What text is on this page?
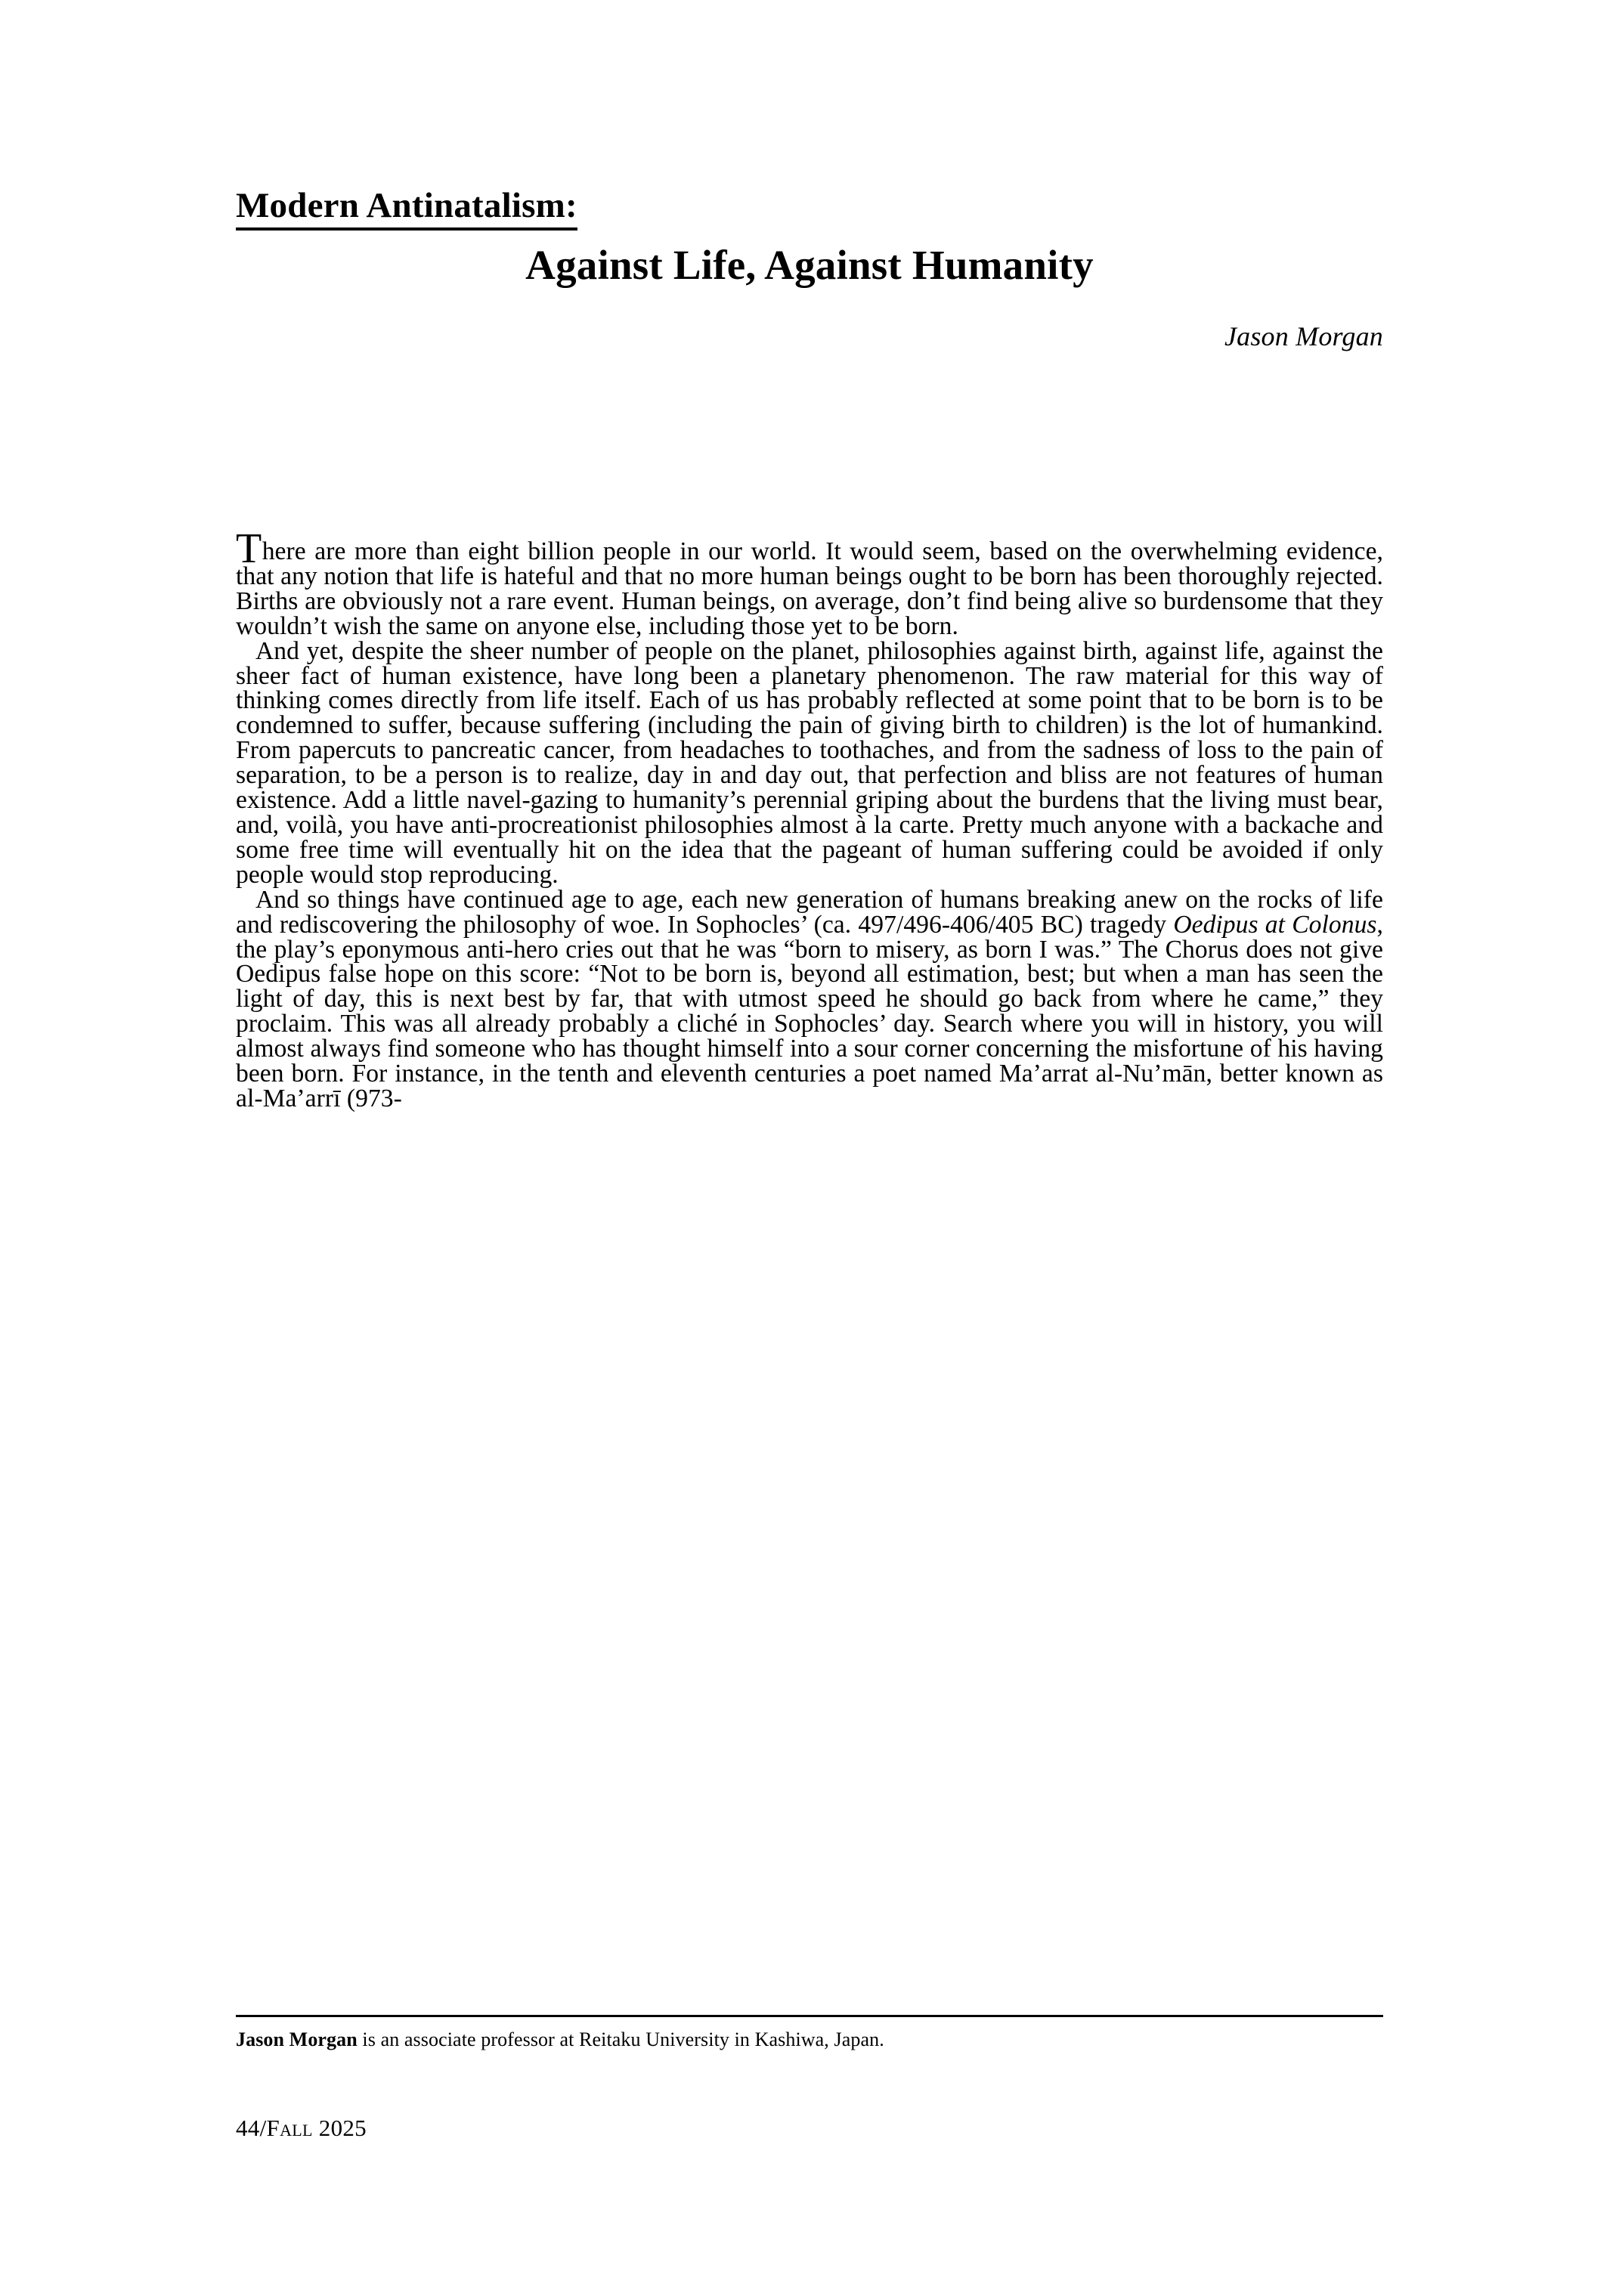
Modern Antinatalism:
Against Life, Against Humanity
Jason Morgan

There are more than eight billion people in our world. It would seem, based on the overwhelming evidence, that any notion that life is hateful and that no more human beings ought to be born has been thoroughly rejected. Births are obviously not a rare event. Human beings, on average, don’t find being alive so burdensome that they wouldn’t wish the same on anyone else, including those yet to be born.

And yet, despite the sheer number of people on the planet, philosophies against birth, against life, against the sheer fact of human existence, have long been a planetary phenomenon. The raw material for this way of thinking comes directly from life itself. Each of us has probably reflected at some point that to be born is to be condemned to suffer, because suffering (including the pain of giving birth to children) is the lot of humankind. From papercuts to pancreatic cancer, from headaches to toothaches, and from the sadness of loss to the pain of separation, to be a person is to realize, day in and day out, that perfection and bliss are not features of human existence. Add a little navel-gazing to humanity’s perennial griping about the burdens that the living must bear, and, voilà, you have anti-procreationist philosophies almost à la carte. Pretty much anyone with a backache and some free time will eventually hit on the idea that the pageant of human suffering could be avoided if only people would stop reproducing.

And so things have continued age to age, each new generation of humans breaking anew on the rocks of life and rediscovering the philosophy of woe. In Sophocles’ (ca. 497/496-406/405 BC) tragedy Oedipus at Colonus, the play’s eponymous anti-hero cries out that he was “born to misery, as born I was.” The Chorus does not give Oedipus false hope on this score: “Not to be born is, beyond all estimation, best; but when a man has seen the light of day, this is next best by far, that with utmost speed he should go back from where he came,” they proclaim. This was all already probably a cliché in Sophocles’ day. Search where you will in history, you will almost always find someone who has thought himself into a sour corner concerning the misfortune of his having been born. For instance, in the tenth and eleventh centuries a poet named Ma’arrat al-Nu’mān, better known as al-Ma’arrī (973-

Jason Morgan is an associate professor at Reitaku University in Kashiwa, Japan.
44/Fall 2025
